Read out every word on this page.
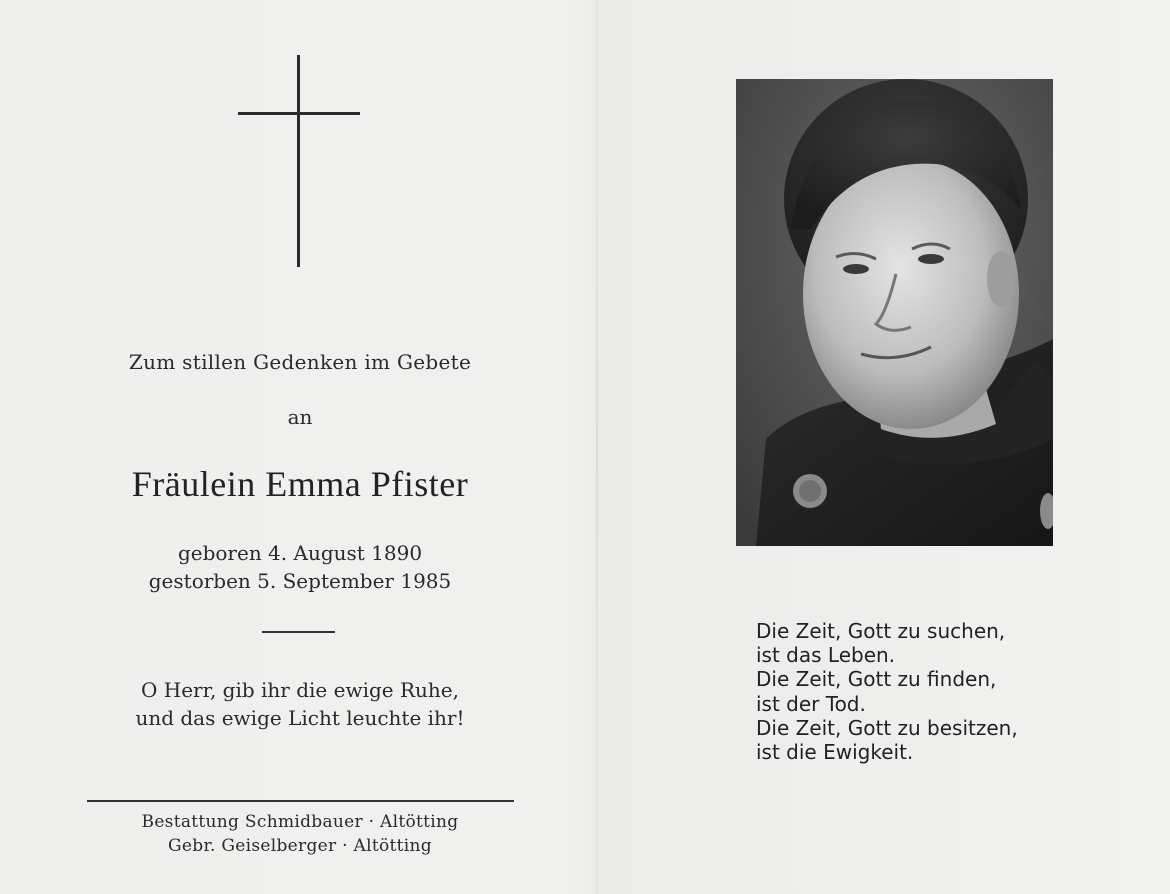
Zum stillen Gedenken im Gebete
an
Fräulein Emma Pfister
geboren 4. August 1890
gestorben 5. September 1985
O Herr, gib ihr die ewige Ruhe,
und das ewige Licht leuchte ihr!
Bestattung Schmidbauer · Altötting
Gebr. Geiselberger · Altötting
Die Zeit, Gott zu suchen,
ist das Leben.
Die Zeit, Gott zu finden,
ist der Tod.
Die Zeit, Gott zu besitzen,
ist die Ewigkeit.
